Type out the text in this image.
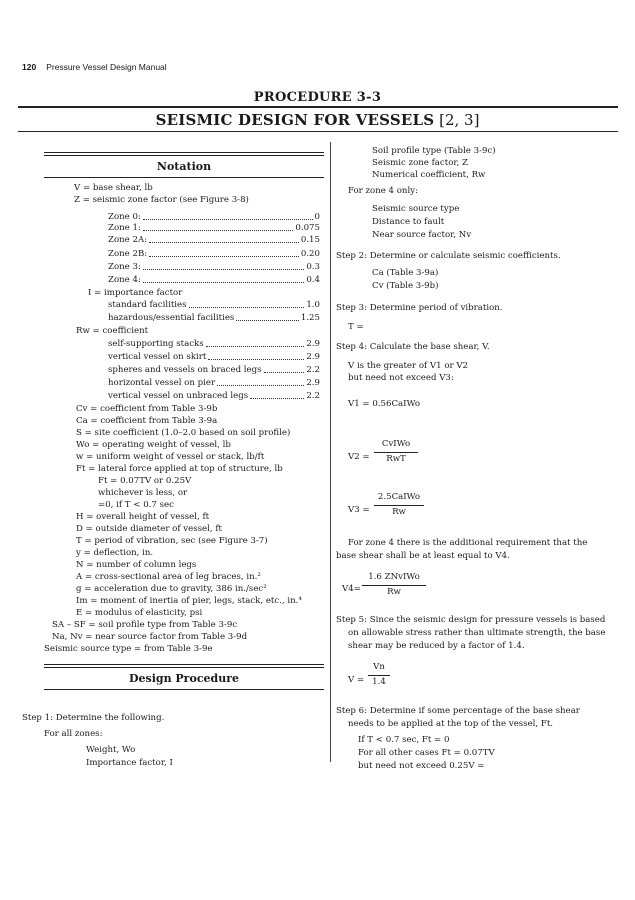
120 Pressure Vessel Design Manual
PROCEDURE 3-3
SEISMIC DESIGN FOR VESSELS [2, 3]
Notation
V = base shear, lb
Z = seismic zone factor (see Figure 3-8)
Zone 0:	0
Zone 1:	0.075
Zone 2A:	0.15
Zone 2B:	0.20
Zone 3:	0.3
Zone 4:	0.4
I = importance factor
standard facilities	1.0
hazardous/essential facilities	1.25
Rw = coefficient
self-supporting stacks	2.9
vertical vessel on skirt	2.9
spheres and vessels on braced legs	2.2
horizontal vessel on pier	2.9
vertical vessel on unbraced legs	2.2
Cv = coefficient from Table 3-9b
Ca = coefficient from Table 3-9a
S = site coefficient (1.0–2.0 based on soil profile)
Wo = operating weight of vessel, lb
w = uniform weight of vessel or stack, lb/ft
Ft = lateral force applied at top of structure, lb
Ft = 0.07TV or 0.25V
whichever is less, or
=0, if T < 0.7 sec
H = overall height of vessel, ft
D = outside diameter of vessel, ft
T = period of vibration, sec (see Figure 3-7)
y = deflection, in.
N = number of column legs
A = cross-sectional area of leg braces, in.²
g = acceleration due to gravity, 386 in./sec²
Im = moment of inertia of pier, legs, stack, etc., in.⁴
E = modulus of elasticity, psi
SA – SF = soil profile type from Table 3-9c
Na, Nv = near source factor from Table 3-9d
Seismic source type = from Table 3-9e
Design Procedure
Step 1: Determine the following.
For all zones:
Weight, Wo
Importance factor, I
Soil profile type (Table 3-9c)
Seismic zone factor, Z
Numerical coefficient, Rw
For zone 4 only:
Seismic source type
Distance to fault
Near source factor, Nv
Step 2: Determine or calculate seismic coefficients.
Ca (Table 3-9a)
Cv (Table 3-9b)
Step 3: Determine period of vibration.
T =
Step 4: Calculate the base shear, V.
V is the greater of V1 or V2
but need not exceed V3:
V1 = 0.56CaIWo
V2 =
CvIWo
RwT
V3 =
2.5CaIWo
Rw
For zone 4 there is the additional requirement that the
base shear shall be at least equal to V4.
V4=
1.6 ZNvIWo
Rw
Step 5: Since the seismic design for pressure vessels is based
on allowable stress rather than ultimate strength, the base
shear may be reduced by a factor of 1.4.
V =
Vn
1.4
Step 6: Determine if some percentage of the base shear
needs to be applied at the top of the vessel, Ft.
If T < 0.7 sec, Ft = 0
For all other cases Ft = 0.07TV
but need not exceed 0.25V =
